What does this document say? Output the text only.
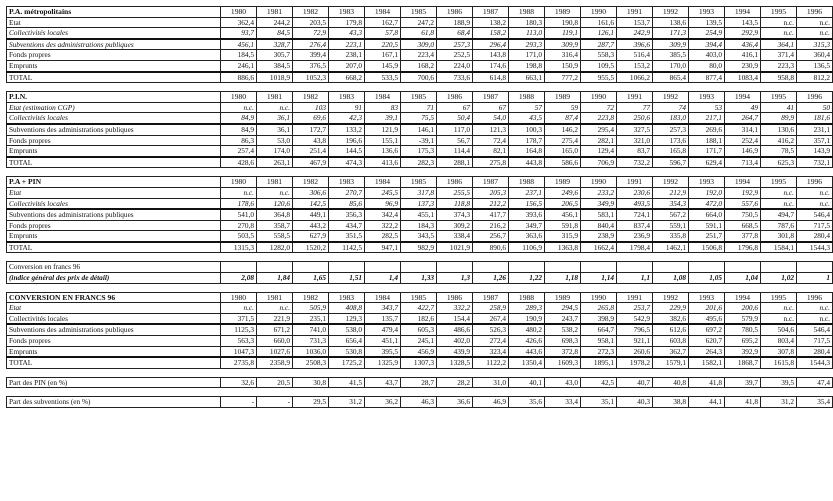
P.A. métropolitains	1980	1981	1982	1983	1984	1985	1986	1987	1988	1989	1990	1991	1992	1993	1994	1995	1996
Etat	362,4	244,2	203,5	179,8	162,7	247,2	188,9	138,2	180,3	190,8	161,6	153,7	138,6	139,5	143,5	n.c.	n.c.
Collectivités locales	93,7	84,5	72,9	43,3	57,8	61,8	68,4	158,2	113,0	119,1	126,1	242,9	171,3	254,9	292,9	n.c.	n.c.
Subventions des administrations publiques	456,1	328,7	276,4	223,1	220,5	309,0	257,3	296,4	293,3	309,9	287,7	396,6	309,9	394,4	436,4	364,1	315,3
Fonds propres	184,5	305,7	399,4	238,1	167,1	223,4	252,5	143,8	171,0	316,4	558,3	516,4	385,5	403,0	416,1	371,4	360,4
Emprunts	246,1	384,5	376,5	207,0	145,9	168,2	224,0	174,6	198,8	150,9	109,5	153,2	170,0	80,0	230,9	223,3	136,5
TOTAL	886,6	1018,9	1052,3	668,2	533,5	700,6	733,6	614,8	663,1	777,2	955,5	1066,2	865,4	877,4	1083,4	958,8	812,2
P.I.N.	1980	1981	1982	1983	1984	1985	1986	1987	1988	1989	1990	1991	1992	1993	1994	1995	1996
Etat (estimation CGP)	n.c.	n.c.	103	91	83	71	67	67	57	59	72	77	74	53	49	41	50
Collectivités locales	84,9	36,1	69,6	42,3	39,1	75,5	50,4	54,0	43,5	87,4	223,8	250,6	183,0	217,1	264,7	89,9	181,6
Subventions des administrations publiques	84,9	36,1	172,7	133,2	121,9	146,1	117,0	121,3	100,3	146,2	295,4	327,5	257,3	269,6	314,1	130,6	231,1
Fonds propres	86,3	53,0	43,8	196,6	155,1	-39,1	56,7	72,4	178,7	275,4	282,1	321,0	173,6	188,1	252,4	416,2	357,1
Emprunts	257,4	174,0	251,4	144,5	136,6	175,3	114,4	82,1	164,8	165,0	129,4	83,7	165,8	171,7	146,9	78,5	143,9
TOTAL	428,6	263,1	467,9	474,3	413,6	282,3	288,1	275,8	443,8	586,6	706,9	732,2	596,7	629,4	713,4	625,3	732,1
P.A + PIN	1980	1981	1982	1983	1984	1985	1986	1987	1988	1989	1990	1991	1992	1993	1994	1995	1996
Etat	n.c.	n.c.	306,6	270,7	245,5	317,8	255,5	205,3	237,1	249,6	233,2	230,6	212,9	192,0	192,9	n.c.	n.c.
Collectivités locales	178,6	120,6	142,5	85,6	96,9	137,3	118,8	212,2	156,5	206,5	349,9	493,5	354,3	472,0	557,6	n.c.	n.c.
Subventions des administrations publiques	541,0	364,8	449,1	356,3	342,4	455,1	374,3	417,7	393,6	456,1	583,1	724,1	567,2	664,0	750,5	494,7	546,4
Fonds propres	270,8	358,7	443,2	434,7	322,2	184,3	309,2	216,2	349,7	591,8	840,4	837,4	559,1	591,1	668,5	787,6	717,5
Emprunts	503,5	558,5	627,9	351,5	282,5	343,5	338,4	256,7	363,6	315,9	238,9	236,9	335,8	251,7	377,8	301,8	280,4
TOTAL	1315,3	1282,0	1520,2	1142,5	947,1	982,9	1021,9	890,6	1106,9	1363,8	1662,4	1798,4	1462,1	1506,8	1796,8	1584,1	1544,3
Conversion en francs 96																	
(indice général des prix de détail)	2,08	1,84	1,65	1,51	1,4	1,33	1,3	1,26	1,22	1,18	1,14	1,1	1,08	1,05	1,04	1,02	1
CONVERSION EN FRANCS 96	1980	1981	1982	1983	1984	1985	1986	1987	1988	1989	1990	1991	1992	1993	1994	1995	1996
Etat	n.c.	n.c.	505,9	408,8	343,7	422,7	332,2	258,9	289,3	294,5	265,8	253,7	229,9	201,6	200,6	n.c.	n.c.
Collectivités locales	371,5	221,9	235,1	129,3	135,7	182,6	154,4	267,4	190,9	243,7	398,9	542,9	382,6	495,6	579,9	n.c.	n.c.
Subventions des administrations publiques	1125,3	671,2	741,0	538,0	479,4	605,3	486,6	526,3	480,2	538,2	664,7	796,5	612,6	697,2	780,5	504,6	546,4
Fonds propres	563,3	660,0	731,3	656,4	451,1	245,1	402,0	272,4	426,6	698,3	958,1	921,1	603,8	620,7	695,2	803,4	717,5
Emprunts	1047,3	1027,6	1036,0	530,8	395,5	456,9	439,9	323,4	443,6	372,8	272,3	260,6	362,7	264,3	392,9	307,8	280,4
TOTAL	2735,8	2358,9	2508,3	1725,2	1325,9	1307,3	1328,5	1122,2	1350,4	1609,3	1895,1	1978,2	1579,1	1582,1	1868,7	1615,8	1544,3
Part des PIN (en %)	32,6	20,5	30,8	41,5	43,7	28,7	28,2	31,0	40,1	43,0	42,5	40,7	40,8	41,8	39,7	39,5	47,4
Part des subventions (en %)	-	-	29,5	31,2	36,2	46,3	36,6	46,9	35,6	33,4	35,1	40,3	38,8	44,1	41,8	31,2	35,4
